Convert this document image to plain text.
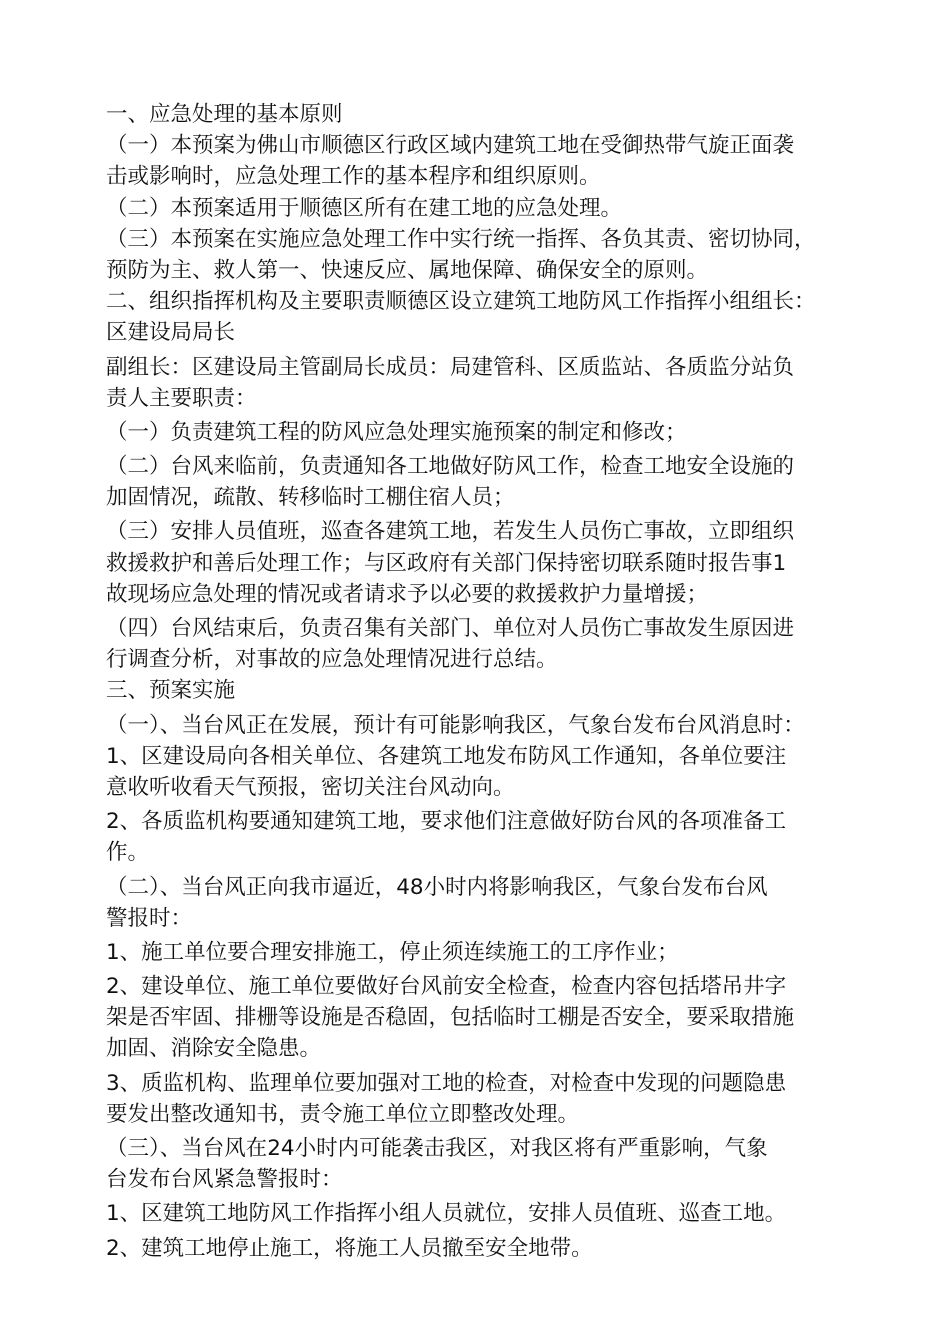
一、应急处理的基本原则
（一）本预案为佛山市顺德区行政区域内建筑工地在受御热带气旋正面袭
击或影响时，应急处理工作的基本程序和组织原则。
（二）本预案适用于顺德区所有在建工地的应急处理。
（三）本预案在实施应急处理工作中实行统一指挥、各负其责、密切协同，
预防为主、救人第一、快速反应、属地保障、确保安全的原则。
二、组织指挥机构及主要职责顺德区设立建筑工地防风工作指挥小组组长：
区建设局局长
副组长：区建设局主管副局长成员：局建管科、区质监站、各质监分站负
责人主要职责：
（一）负责建筑工程的防风应急处理实施预案的制定和修改；
（二）台风来临前，负责通知各工地做好防风工作，检查工地安全设施的
加固情况，疏散、转移临时工棚住宿人员；
（三）安排人员值班，巡查各建筑工地，若发生人员伤亡事故，立即组织
救援救护和善后处理工作；与区政府有关部门保持密切联系随时报告事1
故现场应急处理的情况或者请求予以必要的救援救护力量增援；
（四）台风结束后，负责召集有关部门、单位对人员伤亡事故发生原因进
行调查分析，对事故的应急处理情况进行总结。
三、预案实施
（一）、当台风正在发展，预计有可能影响我区，气象台发布台风消息时：
1、区建设局向各相关单位、各建筑工地发布防风工作通知，各单位要注
意收听收看天气预报，密切关注台风动向。
2、各质监机构要通知建筑工地，要求他们注意做好防台风的各项准备工
作。
（二）、当台风正向我市逼近，48小时内将影响我区，气象台发布台风
警报时：
1、施工单位要合理安排施工，停止须连续施工的工序作业；
2、建设单位、施工单位要做好台风前安全检查，检查内容包括塔吊井字
架是否牢固、排栅等设施是否稳固，包括临时工棚是否安全，要采取措施
加固、消除安全隐患。
3、质监机构、监理单位要加强对工地的检查，对检查中发现的问题隐患
要发出整改通知书，责令施工单位立即整改处理。
（三）、当台风在24小时内可能袭击我区，对我区将有严重影响，气象
台发布台风紧急警报时：
1、区建筑工地防风工作指挥小组人员就位，安排人员值班、巡查工地。
2、建筑工地停止施工，将施工人员撤至安全地带。
